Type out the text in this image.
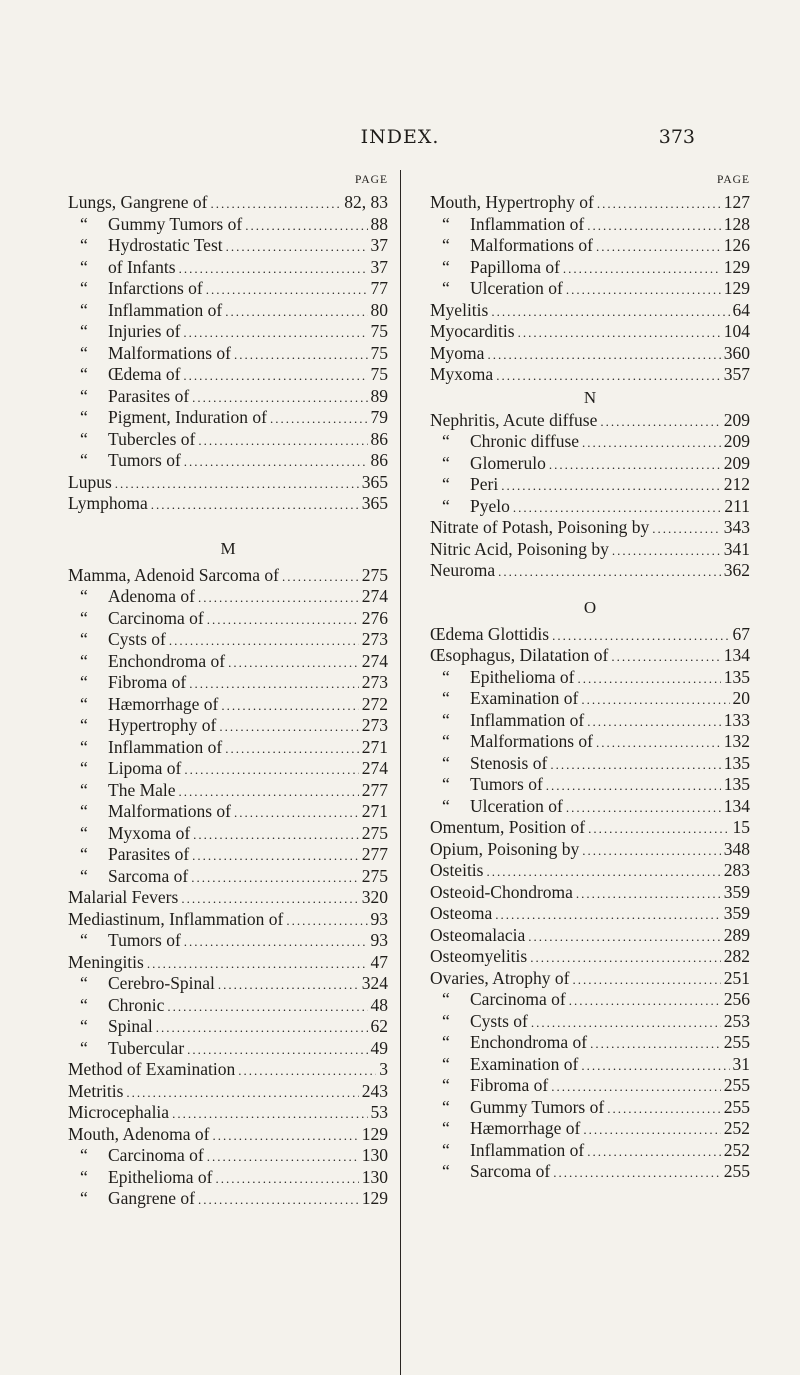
INDEX.	373
PAGE
Lungs, Gangrene of .....	82, 83
“	Gummy Tumors of .....	88
“	Hydrostatic Test .....	37
“	of Infants .....	37
“	Infarctions of .....	77
“	Inflammation of .....	80
“	Injuries of .....	75
“	Malformations of .....	75
“	Œdema of .....	75
“	Parasites of .....	89
“	Pigment, Induration of .....	79
“	Tubercles of .....	86
“	Tumors of .....	86
Lupus .....	365
Lymphoma .....	365
M
Mamma, Adenoid Sarcoma of .....	275
“	Adenoma of .....	274
“	Carcinoma of .....	276
“	Cysts of .....	273
“	Enchondroma of .....	274
“	Fibroma of .....	273
“	Hæmorrhage of .....	272
“	Hypertrophy of .....	273
“	Inflammation of .....	271
“	Lipoma of .....	274
“	The Male .....	277
“	Malformations of .....	271
“	Myxoma of .....	275
“	Parasites of .....	277
“	Sarcoma of .....	275
Malarial Fevers .....	320
Mediastinum, Inflammation of .....	93
“	Tumors of .....	93
Meningitis .....	47
“	Cerebro-Spinal .....	324
“	Chronic .....	48
“	Spinal .....	62
“	Tubercular .....	49
Method of Examination .....	3
Metritis .....	243
Microcephalia .....	53
Mouth, Adenoma of .....	129
“	Carcinoma of .....	130
“	Epithelioma of .....	130
“	Gangrene of .....	129
PAGE
Mouth, Hypertrophy of .....	127
“	Inflammation of .....	128
“	Malformations of .....	126
“	Papilloma of .....	129
“	Ulceration of .....	129
Myelitis .....	64
Myocarditis .....	104
Myoma .....	360
Myxoma .....	357
N
Nephritis, Acute diffuse .....	209
“	Chronic diffuse .....	209
“	Glomerulo .....	209
“	Peri .....	212
“	Pyelo .....	211
Nitrate of Potash, Poisoning by .....	343
Nitric Acid, Poisoning by .....	341
Neuroma .....	362
O
Œdema Glottidis .....	67
Œsophagus, Dilatation of .....	134
“	Epithelioma of .....	135
“	Examination of .....	20
“	Inflammation of .....	133
“	Malformations of .....	132
“	Stenosis of .....	135
“	Tumors of .....	135
“	Ulceration of .....	134
Omentum, Position of .....	15
Opium, Poisoning by .....	348
Osteitis .....	283
Osteoid-Chondroma .....	359
Osteoma .....	359
Osteomalacia .....	289
Osteomyelitis .....	282
Ovaries, Atrophy of .....	251
“	Carcinoma of .....	256
“	Cysts of .....	253
“	Enchondroma of .....	255
“	Examination of .....	31
“	Fibroma of .....	255
“	Gummy Tumors of .....	255
“	Hæmorrhage of .....	252
“	Inflammation of .....	252
“	Sarcoma of .....	255
